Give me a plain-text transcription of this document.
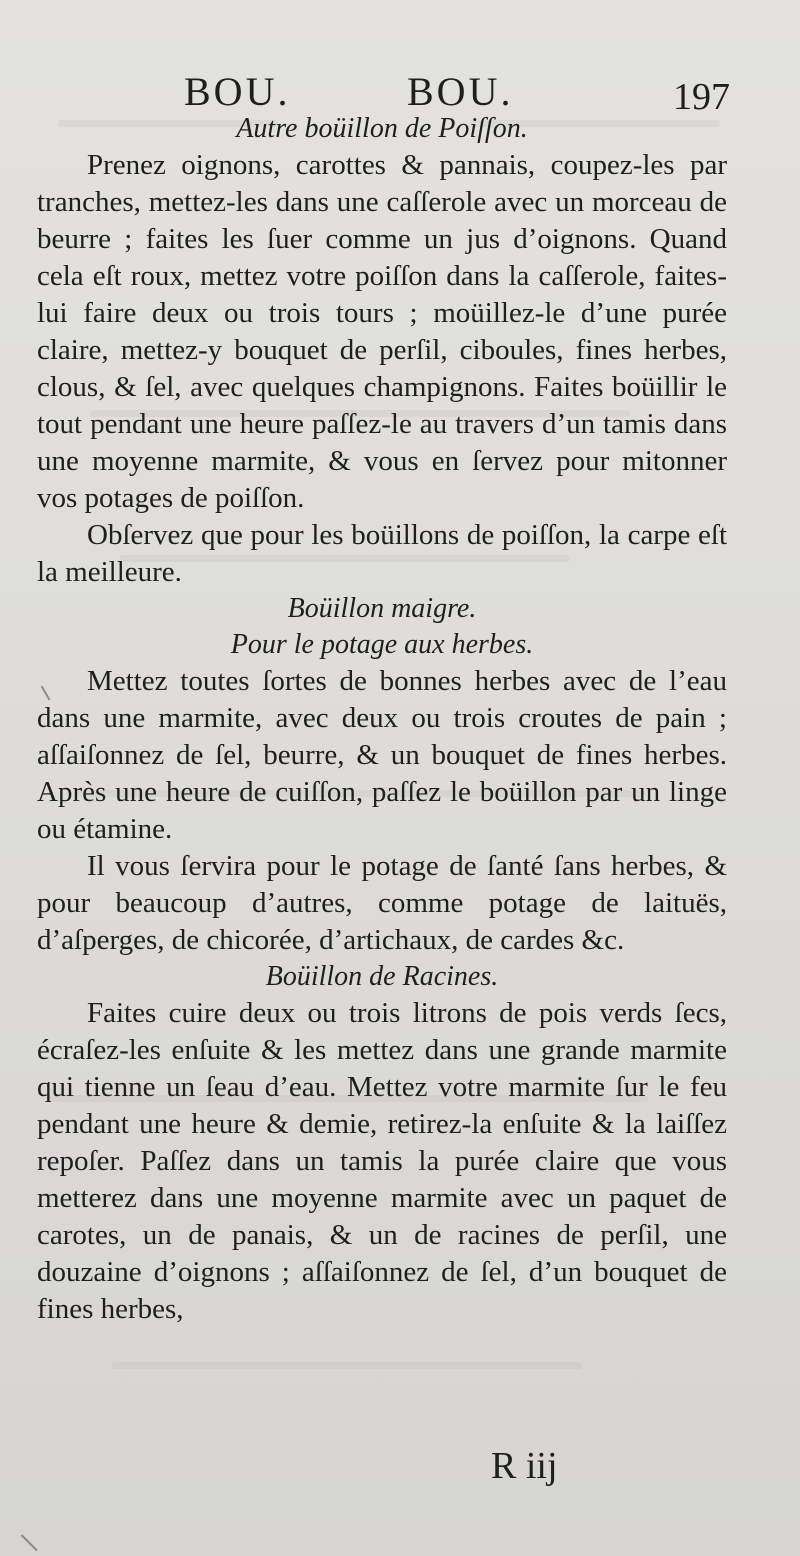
BOU.	BOU.	197
Autre boüillon de Poiſſon.

Prenez oignons, carottes & pannais, coupez-les par tranches, mettez-les dans une caſſerole avec un morceau de beurre ; faites les ſuer comme un jus d’oignons. Quand cela eſt roux, mettez votre poiſſon dans la caſſerole, faites-lui faire deux ou trois tours ; moüillez-le d’une purée claire, mettez-y bouquet de perſil, ciboules, fines herbes, clous, & ſel, avec quelques champignons. Faites boüillir le tout pendant une heure paſſez-le au travers d’un tamis dans une moyenne marmite, & vous en ſervez pour mitonner vos potages de poiſſon.

Obſervez que pour les boüillons de poiſſon, la carpe eſt la meilleure.

Boüillon maigre.
Pour le potage aux herbes.

Mettez toutes ſortes de bonnes herbes avec de l’eau dans une marmite, avec deux ou trois croutes de pain ; aſſaiſonnez de ſel, beurre, & un bouquet de fines herbes. Après une heure de cuiſſon, paſſez le boüillon par un linge ou étamine.

Il vous ſervira pour le potage de ſanté ſans herbes, & pour beaucoup d’autres, comme potage de laituës, d’aſperges, de chicorée, d’artichaux, de cardes &c.

Boüillon de Racines.

Faites cuire deux ou trois litrons de pois verds ſecs, écraſez-les enſuite & les mettez dans une grande marmite qui tienne un ſeau d’eau. Mettez votre marmite ſur le feu pendant une heure & demie, retirez-la enſuite & la laiſſez repoſer. Paſſez dans un tamis la purée claire que vous metterez dans une moyenne marmite avec un paquet de carotes, un de panais, & un de racines de perſil, une douzaine d’oignons ; aſſaiſonnez de ſel, d’un bouquet de fines herbes,

R iij
